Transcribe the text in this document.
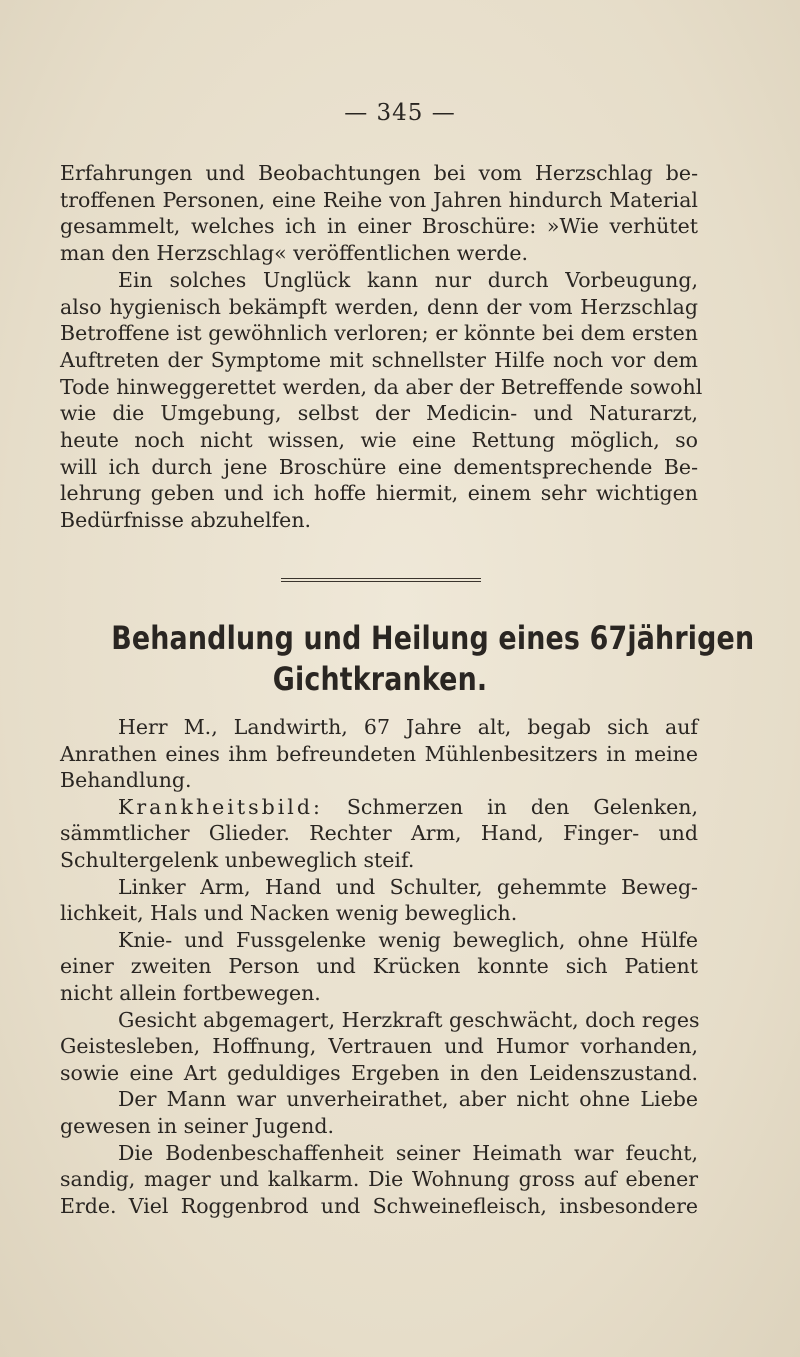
— 345 —
Erfahrungen und Beobachtungen bei vom Herzschlag be-
troffenen Personen, eine Reihe von Jahren hindurch Material
gesammelt, welches ich in einer Broschüre: »Wie verhütet
man den Herzschlag« veröffentlichen werde.
Ein solches Unglück kann nur durch Vorbeugung,
also hygienisch bekämpft werden, denn der vom Herzschlag
Betroffene ist gewöhnlich verloren; er könnte bei dem ersten
Auftreten der Symptome mit schnellster Hilfe noch vor dem
Tode hinweggerettet werden, da aber der Betreffende sowohl
wie die Umgebung, selbst der Medicin- und Naturarzt,
heute noch nicht wissen, wie eine Rettung möglich, so
will ich durch jene Broschüre eine dementsprechende Be-
lehrung geben und ich hoffe hiermit, einem sehr wichtigen
Bedürfnisse abzuhelfen.
Behandlung und Heilung eines 67jährigen
Gichtkranken.
Herr M., Landwirth, 67 Jahre alt, begab sich auf
Anrathen eines ihm befreundeten Mühlenbesitzers in meine
Behandlung.
Krankheitsbild: Schmerzen in den Gelenken,
sämmtlicher Glieder. Rechter Arm, Hand, Finger- und
Schultergelenk unbeweglich steif.
Linker Arm, Hand und Schulter, gehemmte Beweg-
lichkeit, Hals und Nacken wenig beweglich.
Knie- und Fussgelenke wenig beweglich, ohne Hülfe
einer zweiten Person und Krücken konnte sich Patient
nicht allein fortbewegen.
Gesicht abgemagert, Herzkraft geschwächt, doch reges
Geistesleben, Hoffnung, Vertrauen und Humor vorhanden,
sowie eine Art geduldiges Ergeben in den Leidenszustand.
Der Mann war unverheirathet, aber nicht ohne Liebe
gewesen in seiner Jugend.
Die Bodenbeschaffenheit seiner Heimath war feucht,
sandig, mager und kalkarm. Die Wohnung gross auf ebener
Erde. Viel Roggenbrod und Schweinefleisch, insbesondere
